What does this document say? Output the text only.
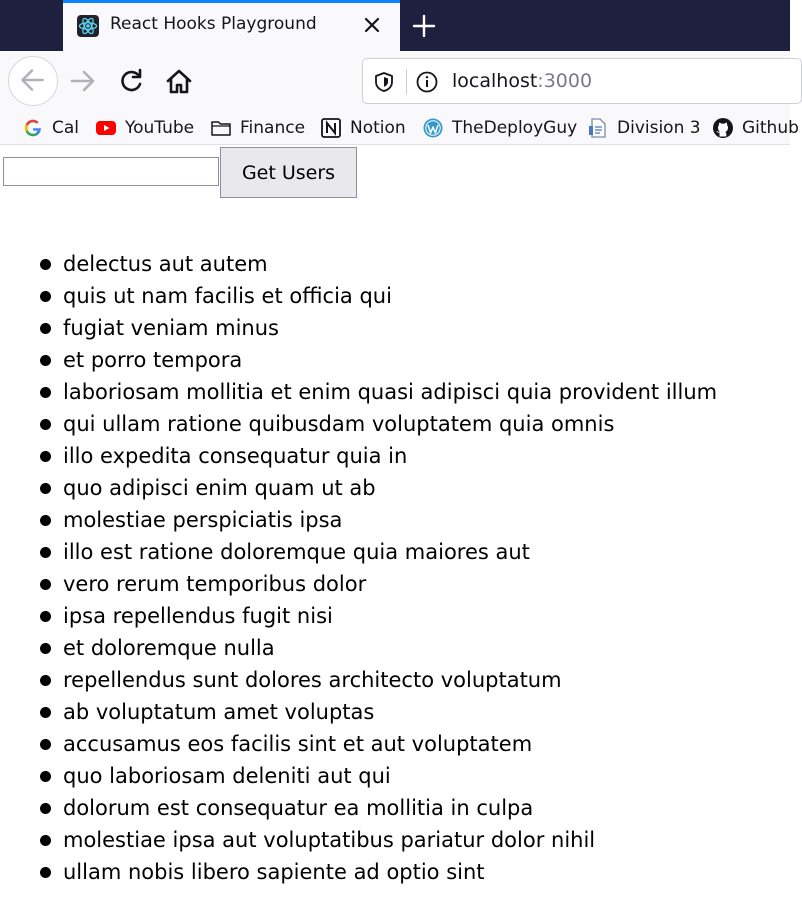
React Hooks Playground
localhost:3000
Cal	YouTube	Finance	Notion	TheDeployGuy Division 3 Github
Get Users
delectus aut autem
quis ut nam facilis et officia qui
fugiat veniam minus
et porro tempora
laboriosam mollitia et enim quasi adipisci quia provident illum
qui ullam ratione quibusdam voluptatem quia omnis
illo expedita consequatur quia in
quo adipisci enim quam ut ab
molestiae perspiciatis ipsa
illo est ratione doloremque quia maiores aut
vero rerum temporibus dolor
ipsa repellendus fugit nisi
et doloremque nulla
repellendus sunt dolores architecto voluptatum
ab voluptatum amet voluptas
accusamus eos facilis sint et aut voluptatem
quo laboriosam deleniti aut qui
dolorum est consequatur ea mollitia in culpa
molestiae ipsa aut voluptatibus pariatur dolor nihil
ullam nobis libero sapiente ad optio sint
